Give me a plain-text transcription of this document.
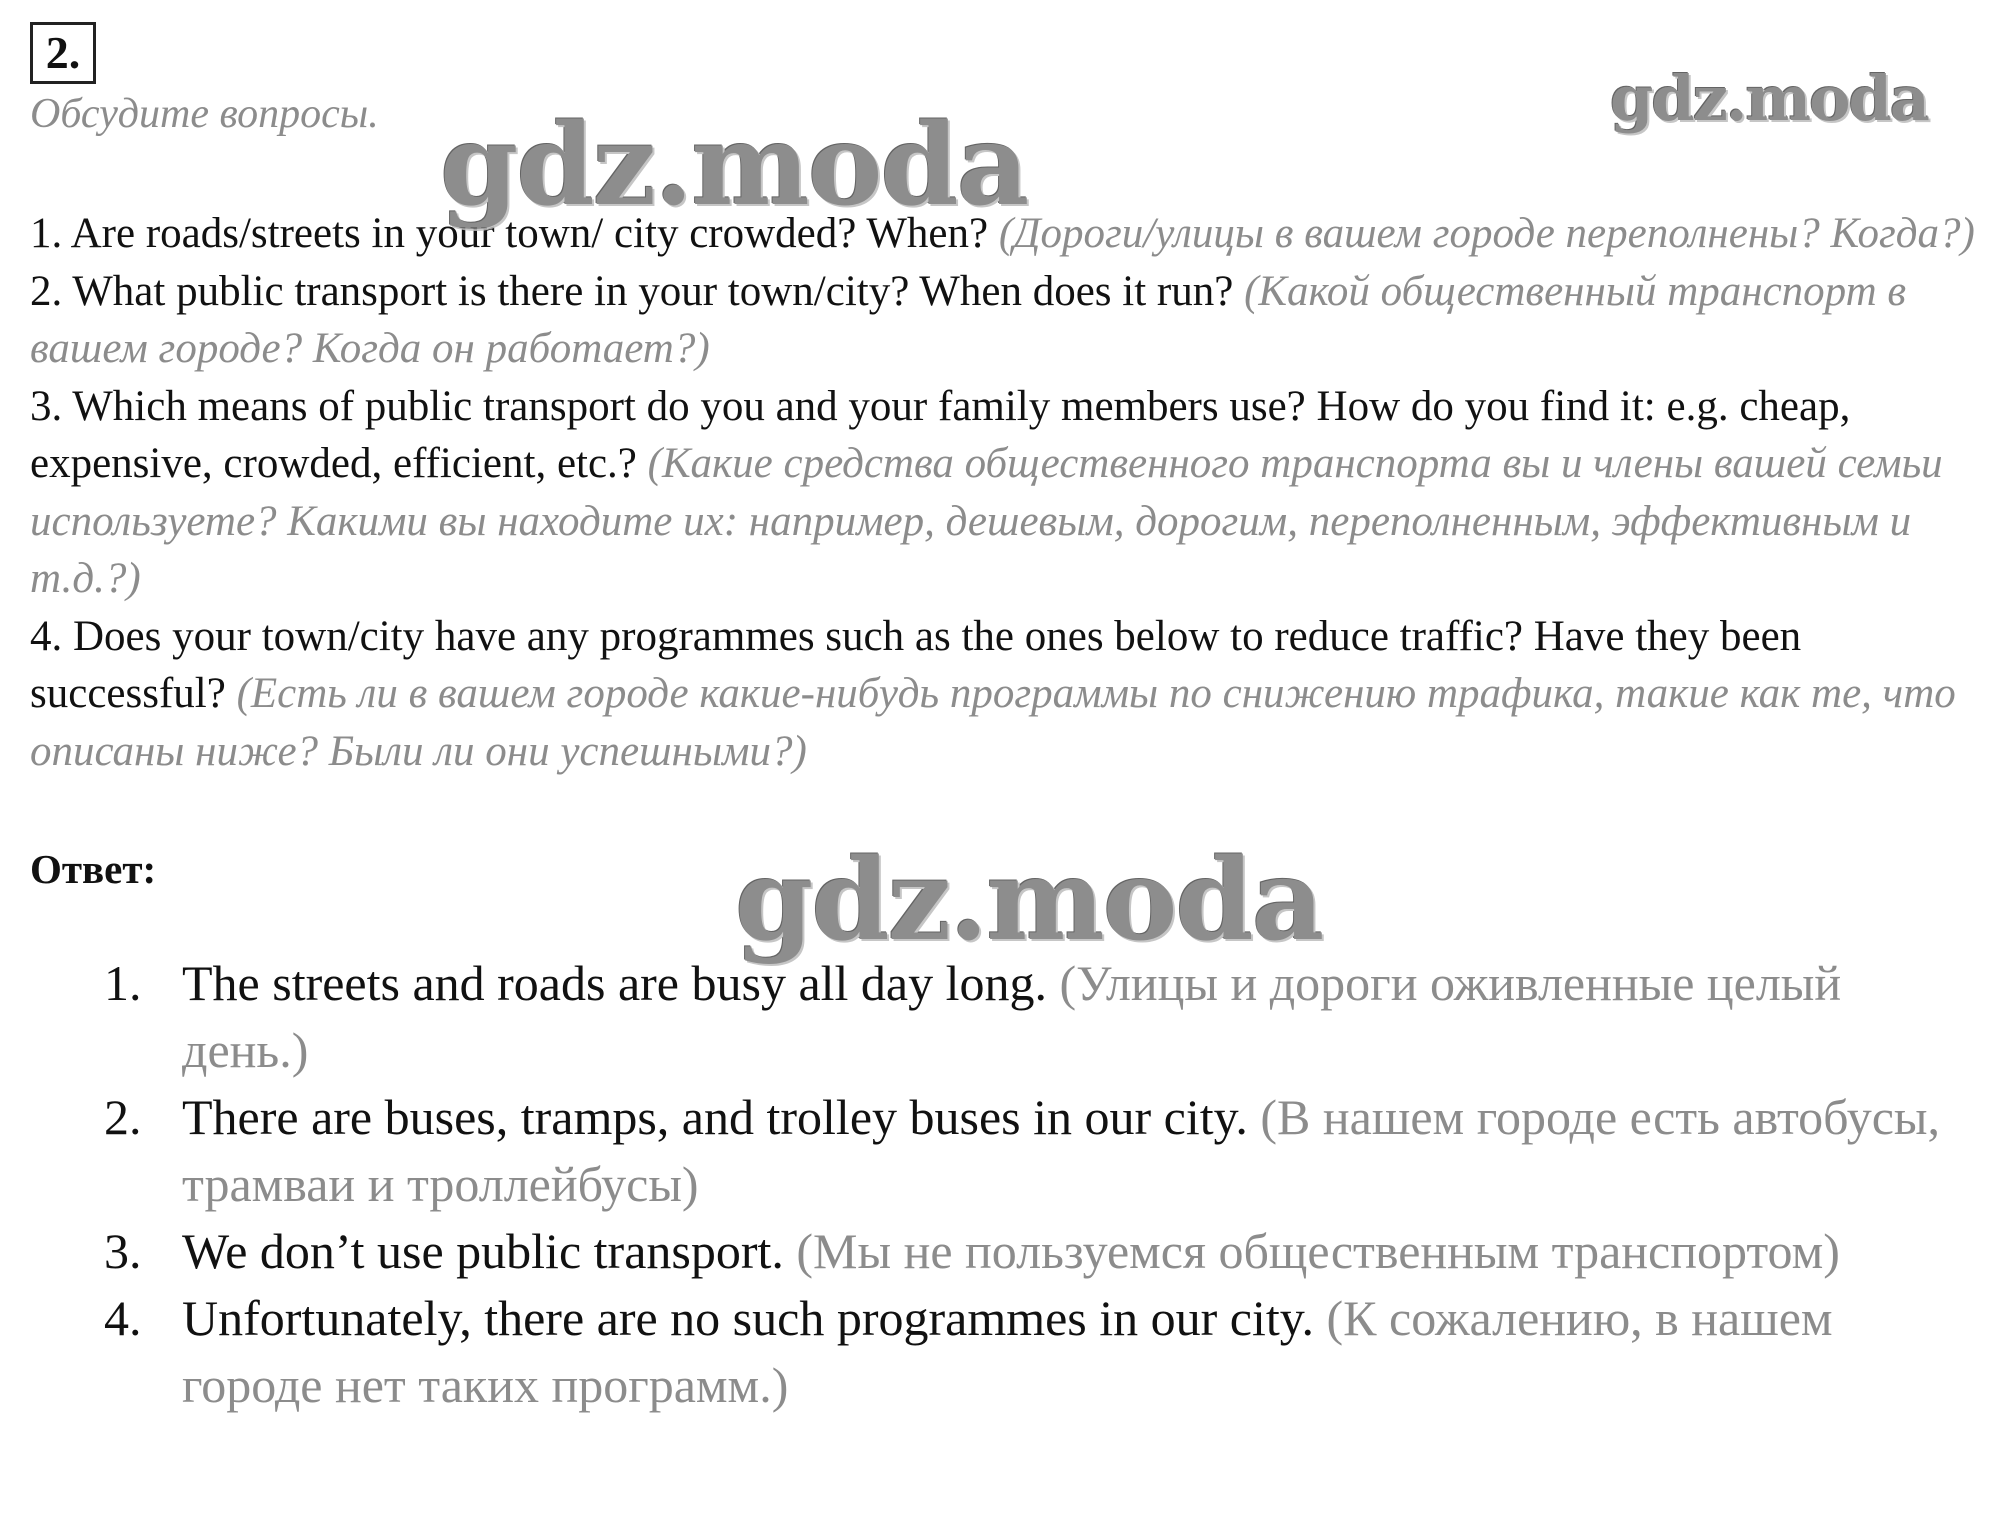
2.
Обсудите вопросы.

1. Are roads/streets in your town/ city crowded? When? (Дороги/улицы в вашем городе переполнены? Когда?)

2. What public transport is there in your town/city? When does it run? (Какой общественный транспорт в вашем городе? Когда он работает?)

3. Which means of public transport do you and your family members use? How do you find it: e.g. cheap, expensive, crowded, efficient, etc.? (Какие средства общественного транспорта вы и члены вашей семьи используете? Какими вы находите их: например, дешевым, дорогим, переполненным, эффективным и т.д.?)

4. Does your town/city have any programmes such as the ones below to reduce traffic? Have they been successful? (Есть ли в вашем городе какие-нибудь программы по снижению трафика, такие как те, что описаны ниже? Были ли они успешными?)

Ответ:
1. The streets and roads are busy all day long. (Улицы и дороги оживленные целый день.)
2. There are buses, tramps, and trolley buses in our city. (В нашем городе есть автобусы, трамваи и троллейбусы)
3. We don’t use public transport. (Мы не пользуемся общественным транспортом)
4. Unfortunately, there are no such programmes in our city. (К сожалению, в нашем городе нет таких программ.)
gdz.moda
gdz.moda
gdz.moda
